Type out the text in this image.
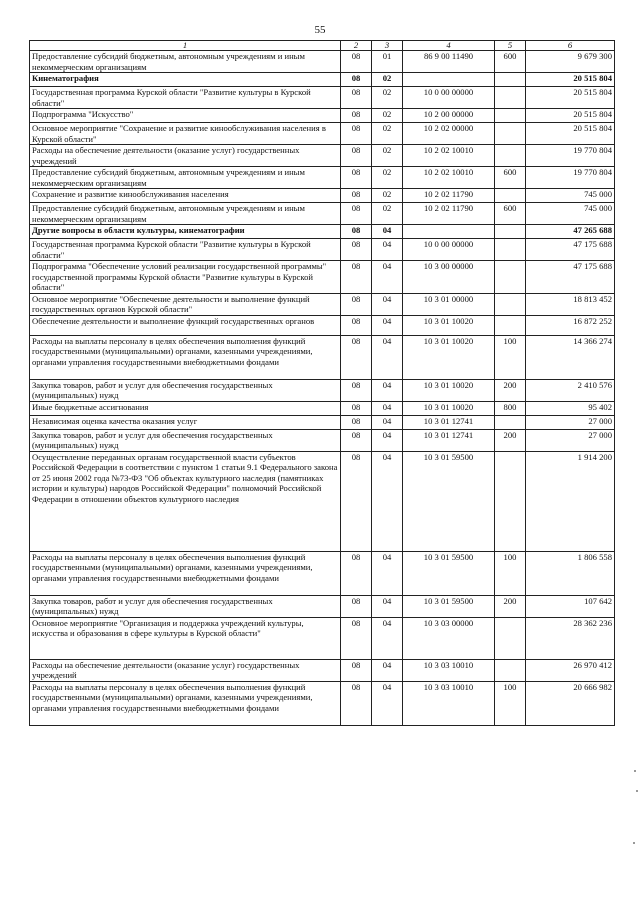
55
1	2	3	4	5	6
Предоставление субсидий бюджетным, автономным учреждениям и иным некоммерческим организациям	08	01	86 9 00 11490	600	9 679 300
Кинематография	08	02			20 515 804
Государственная программа Курской области "Развитие культуры в Курской области"	08	02	10 0 00 00000		20 515 804
Подпрограмма "Искусство"	08	02	10 2 00 00000		20 515 804
Основное мероприятие "Сохранение и развитие кинообслуживания населения в Курской области"	08	02	10 2 02 00000		20 515 804
Расходы на обеспечение деятельности (оказание услуг) государственных учреждений	08	02	10 2 02 10010		19 770 804
Предоставление субсидий бюджетным, автономным учреждениям и иным некоммерческим организациям	08	02	10 2 02 10010	600	19 770 804
Сохранение и развитие кинообслуживания населения	08	02	10 2 02 11790		745 000
Предоставление субсидий бюджетным, автономным учреждениям и иным некоммерческим организациям	08	02	10 2 02 11790	600	745 000
Другие вопросы в области культуры, кинематографии	08	04			47 265 688
Государственная программа Курской области "Развитие культуры в Курской области"	08	04	10 0 00 00000		47 175 688
Подпрограмма "Обеспечение условий реализации государственной программы" государственной программы Курской области "Развитие культуры в Курской области"	08	04	10 3 00 00000		47 175 688
Основное мероприятие "Обеспечение деятельности и выполнение функций государственных органов Курской области"	08	04	10 3 01 00000		18 813 452
Обеспечение деятельности и выполнение функций государственных органов	08	04	10 3 01 10020		16 872 252
Расходы на выплаты персоналу в целях обеспечения выполнения функций государственными (муниципальными) органами, казенными учреждениями, органами управления государственными внебюджетными фондами	08	04	10 3 01 10020	100	14 366 274
Закупка товаров, работ и услуг для обеспечения государственных (муниципальных) нужд	08	04	10 3 01 10020	200	2 410 576
Иные бюджетные ассигнования	08	04	10 3 01 10020	800	95 402
Независимая оценка качества оказания услуг	08	04	10 3 01 12741		27 000
Закупка товаров, работ и услуг для обеспечения государственных (муниципальных) нужд	08	04	10 3 01 12741	200	27 000
Осуществление переданных органам государственной власти субъектов Российской Федерации в соответствии с пунктом 1 статьи 9.1 Федерального закона от 25 июня 2002 года №73-ФЗ "Об объектах культурного наследия (памятниках истории и культуры) народов Российской Федерации" полномочий Российской Федерации в отношении объектов культурного наследия	08	04	10 3 01 59500		1 914 200
Расходы на выплаты персоналу в целях обеспечения выполнения функций государственными (муниципальными) органами, казенными учреждениями, органами управления государственными внебюджетными фондами	08	04	10 3 01 59500	100	1 806 558
Закупка товаров, работ и услуг для обеспечения государственных (муниципальных) нужд	08	04	10 3 01 59500	200	107 642
Основное мероприятие "Организация и поддержка учреждений культуры, искусства и образования в сфере культуры в Курской области"	08	04	10 3 03 00000		28 362 236
Расходы на обеспечение деятельности (оказание услуг) государственных учреждений	08	04	10 3 03 10010		26 970 412
Расходы на выплаты персоналу в целях обеспечения выполнения функций государственными (муниципальными) органами, казенными учреждениями, органами управления государственными внебюджетными фондами	08	04	10 3 03 10010	100	20 666 982
